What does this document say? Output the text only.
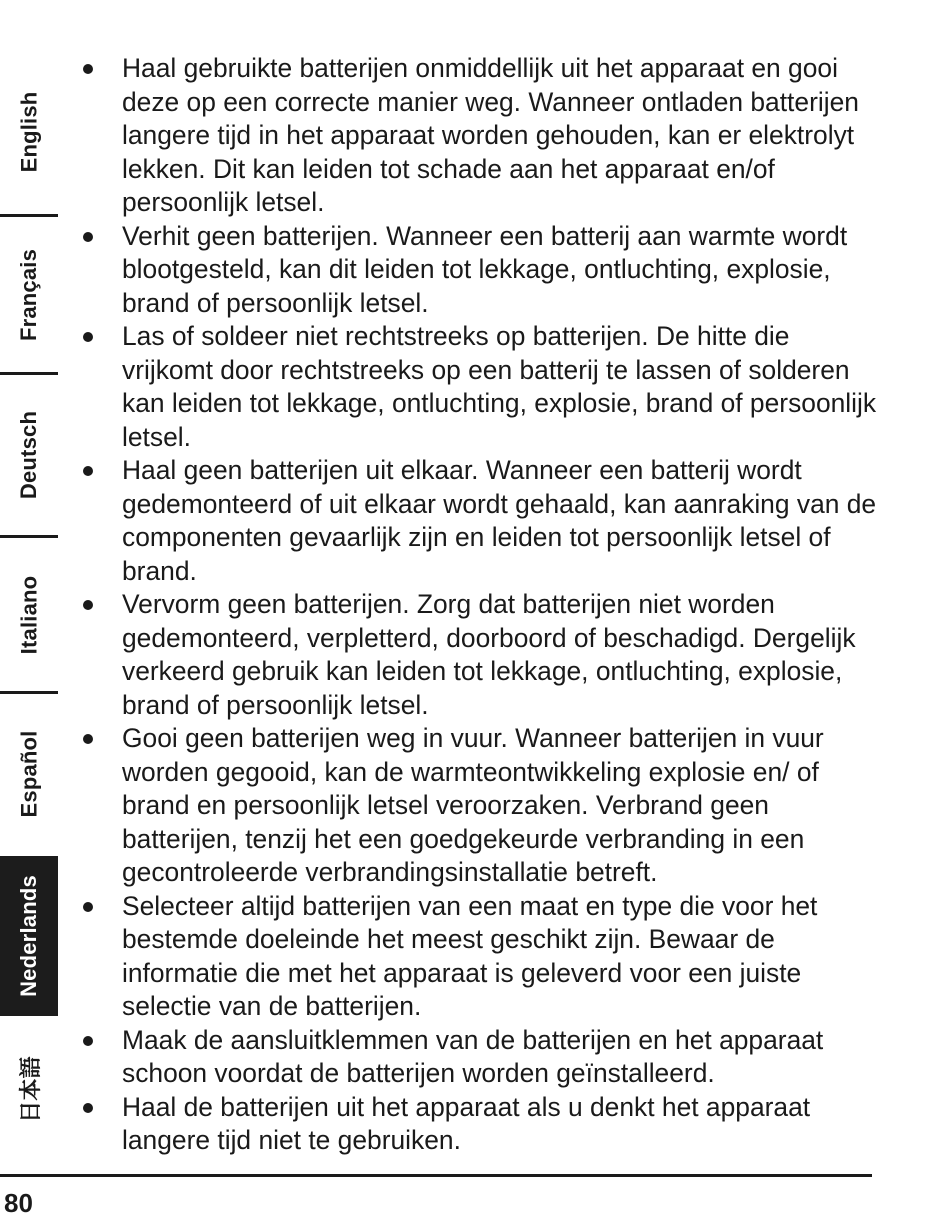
English
Français
Deutsch
Italiano
Español
Nederlands
日本語
Haal gebruikte batterijen onmiddellijk uit het apparaat en gooi deze op een correcte manier weg. Wanneer ontladen batterijen langere tijd in het apparaat worden gehouden, kan er elektrolyt lekken. Dit kan leiden tot schade aan het apparaat en/of persoonlijk letsel.
Verhit geen batterijen. Wanneer een batterij aan warmte wordt blootgesteld, kan dit leiden tot lekkage, ontluchting, explosie, brand of persoonlijk letsel.
Las of soldeer niet rechtstreeks op batterijen. De hitte die vrijkomt door rechtstreeks op een batterij te lassen of solderen kan leiden tot lekkage, ontluchting, explosie, brand of persoonlijk letsel.
Haal geen batterijen uit elkaar. Wanneer een batterij wordt gedemonteerd of uit elkaar wordt gehaald, kan aanraking van de componenten gevaarlijk zijn en leiden tot persoonlijk letsel of brand.
Vervorm geen batterijen. Zorg dat batterijen niet worden gedemonteerd, verpletterd, doorboord of beschadigd. Dergelijk verkeerd gebruik kan leiden tot lekkage, ontluchting, explosie, brand of persoonlijk letsel.
Gooi geen batterijen weg in vuur. Wanneer batterijen in vuur worden gegooid, kan de warmteontwikkeling explosie en/ of brand en persoonlijk letsel veroorzaken. Verbrand geen batterijen, tenzij het een goedgekeurde verbranding in een gecontroleerde verbrandingsinstallatie betreft.
Selecteer altijd batterijen van een maat en type die voor het bestemde doeleinde het meest geschikt zijn. Bewaar de informatie die met het apparaat is geleverd voor een juiste selectie van de batterijen.
Maak de aansluitklemmen van de batterijen en het apparaat schoon voordat de batterijen worden geïnstalleerd.
Haal de batterijen uit het apparaat als u denkt het apparaat langere tijd niet te gebruiken.
80
